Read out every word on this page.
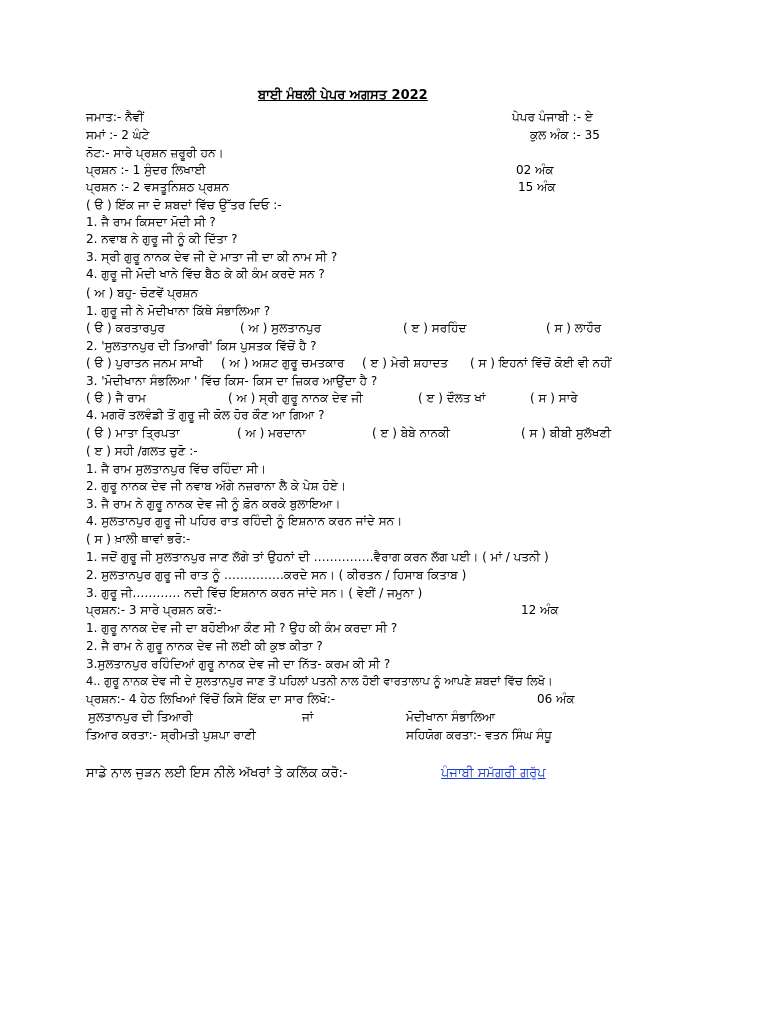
ਬਾਈ ਮੰਥਲੀ ਪੇਪਰ ਅਗਸਤ 2022
ਜਮਾਤ:- ਨੈਵੀਂ	ਪੇਪਰ ਪੰਜਾਬੀ :- ਏ
ਸਮਾਂ :- 2 ਘੰਟੇ	ਕੁਲ ਅੰਕ :- 35
ਨੋਟ:- ਸਾਰੇ ਪ੍ਰਸ਼ਨ ਜ਼ਰੂਰੀ ਹਨ।
ਪ੍ਰਸ਼ਨ :- 1 ਸੁੰਦਰ ਲਿਖਾਈ	02 ਅੰਕ
ਪ੍ਰਸ਼ਨ :- 2 ਵਸਤੂਨਿਸ਼ਠ ਪ੍ਰਸ਼ਨ	15 ਅੰਕ
( ੳ ) ਇੱਕ ਜਾ ਦੋ ਸ਼ਬਦਾਂ ਵਿੱਚ ਉੱਤਰ ਦਿਓ :-
1. ਜੈ ਰਾਮ ਕਿਸਦਾ ਮੋਦੀ ਸੀ ?
2. ਨਵਾਬ ਨੇ ਗੁਰੂ ਜੀ ਨੂੰ ਕੀ ਦਿੱਤਾ ?
3. ਸ੍ਰੀ ਗੁਰੂ ਨਾਨਕ ਦੇਵ ਜੀ ਦੇ ਮਾਤਾ ਜੀ ਦਾ ਕੀ ਨਾਮ ਸੀ ?
4. ਗੁਰੂ ਜੀ ਮੋਦੀ ਖਾਨੇ ਵਿੱਚ ਬੈਠ ਕੇ ਕੀ ਕੰਮ ਕਰਦੇ ਸਨ ?
( ਅ ) ਬਹੁ- ਚੋਣਵੇਂ ਪ੍ਰਸ਼ਨ
1. ਗੁਰੂ ਜੀ ਨੇ ਮੋਦੀਖਾਨਾ ਕਿੱਥੇ ਸੰਭਾਲਿਆ ?
( ੳ ) ਕਰਤਾਰਪੁਰ	( ਅ ) ਸੁਲਤਾਨਪੁਰ	( ੲ ) ਸਰਹਿੰਦ	( ਸ ) ਲਾਹੌਰ
2. 'ਸੁਲਤਾਨਪੁਰ ਦੀ ਤਿਆਰੀ' ਕਿਸ ਪੁਸਤਕ ਵਿੱਚੋਂ ਹੈ ?
( ੳ ) ਪੁਰਾਤਨ ਜਨਮ ਸਾਖੀ ( ਅ ) ਅਸ਼ਟ ਗੁਰੂ ਚਮਤਕਾਰ ( ੲ ) ਮੇਰੀ ਸ਼ਹਾਦਤ ( ਸ ) ਇਹਨਾਂ ਵਿੱਚੋਂ ਕੋਈ ਵੀ ਨਹੀਂ
3. 'ਮੋਦੀਖਾਨਾ ਸੰਭਲਿਆ ' ਵਿੱਚ ਕਿਸ- ਕਿਸ ਦਾ ਜ਼ਿਕਰ ਆਉਂਦਾ ਹੈ ?
( ੳ ) ਜੈ ਰਾਮ	( ਅ ) ਸ੍ਰੀ ਗੁਰੂ ਨਾਨਕ ਦੇਵ ਜੀ	( ੲ ) ਦੌਲਤ ਖਾਂ	( ਸ ) ਸਾਰੇ
4. ਮਗਰੋਂ ਤਲਵੰਡੀ ਤੋਂ ਗੁਰੂ ਜੀ ਕੋਲ ਹੋਰ ਕੌਣ ਆ ਗਿਆ ?
( ੳ ) ਮਾਤਾ ਤ੍ਰਿਪਤਾ	( ਅ ) ਮਰਦਾਨਾ	( ੲ ) ਬੇਬੇ ਨਾਨਕੀ	( ਸ ) ਬੀਬੀ ਸੁਲੱਖਣੀ
( ੲ ) ਸਹੀ /ਗਲਤ ਚੁਣੋ :-
1. ਜੈ ਰਾਮ ਸੁਲਤਾਨਪੁਰ ਵਿੱਚ ਰਹਿੰਦਾ ਸੀ।
2. ਗੁਰੂ ਨਾਨਕ ਦੇਵ ਜੀ ਨਵਾਬ ਅੱਗੇ ਨਜ਼ਰਾਨਾ ਲੈ ਕੇ ਪੇਸ਼ ਹੋਏ।
3. ਜੈ ਰਾਮ ਨੇ ਗੁਰੂ ਨਾਨਕ ਦੇਵ ਜੀ ਨੂੰ ਫ਼ੋਨ ਕਰਕੇ ਬੁਲਾਇਆ।
4. ਸੁਲਤਾਨਪੁਰ ਗੁਰੂ ਜੀ ਪਹਿਰ ਰਾਤ ਰਹਿੰਦੀ ਨੂੰ ਇਸ਼ਨਾਨ ਕਰਨ ਜਾਂਦੇ ਸਨ।
( ਸ ) ਖ਼ਾਲੀ ਥਾਵਾਂ ਭਰੋ:-
1. ਜਦੋਂ ਗੁਰੂ ਜੀ ਸੁਲਤਾਨਪੁਰ ਜਾਣ ਲੱਗੇ ਤਾਂ ਉਹਨਾਂ ਦੀ ……………ਵੈਰਾਗ ਕਰਨ ਲੱਗ ਪਈ। ( ਮਾਂ / ਪਤਨੀ )
2. ਸੁਲਤਾਨਪੁਰ ਗੁਰੂ ਜੀ ਰਾਤ ਨੂੰ ……………ਕਰਦੇ ਸਨ। ( ਕੀਰਤਨ / ਹਿਸਾਬ ਕਿਤਾਬ )
3. ਗੁਰੂ ਜੀ………… ਨਦੀ ਵਿੱਚ ਇਸ਼ਨਾਨ ਕਰਨ ਜਾਂਦੇ ਸਨ। ( ਵੇਈਂ / ਜਮੁਨਾ )
ਪ੍ਰਸ਼ਨ:- 3 ਸਾਰੇ ਪ੍ਰਸ਼ਨ ਕਰੋ:-	12 ਅੰਕ
1. ਗੁਰੂ ਨਾਨਕ ਦੇਵ ਜੀ ਦਾ ਬਹੋਈਆ ਕੌਣ ਸੀ ? ਉਹ ਕੀ ਕੰਮ ਕਰਦਾ ਸੀ ?
2. ਜੈ ਰਾਮ ਨੇ ਗੁਰੂ ਨਾਨਕ ਦੇਵ ਜੀ ਲਈ ਕੀ ਕੁਝ ਕੀਤਾ ?
3.ਸੁਲਤਾਨਪੁਰ ਰਹਿੰਦਿਆਂ ਗੁਰੂ ਨਾਨਕ ਦੇਵ ਜੀ ਦਾ ਨਿੱਤ- ਕਰਮ ਕੀ ਸੀ ?
4.. ਗੁਰੂ ਨਾਨਕ ਦੇਵ ਜੀ ਦੇ ਸੁਲਤਾਨਪੁਰ ਜਾਣ ਤੋਂ ਪਹਿਲਾਂ ਪਤਨੀ ਨਾਲ ਹੋਈ ਵਾਰਤਾਲਾਪ ਨੂੰ ਆਪਣੇ ਸ਼ਬਦਾਂ ਵਿੱਚ ਲਿਖੋ।
ਪ੍ਰਸ਼ਨ:- 4 ਹੇਠ ਲਿਖਿਆਂ ਵਿੱਚੋਂ ਕਿਸੇ ਇੱਕ ਦਾ ਸਾਰ ਲਿਖੋ:-	06 ਅੰਕ
ਸੁਲਤਾਨਪੁਰ ਦੀ ਤਿਆਰੀ	ਜਾਂ	ਮੋਦੀਖਾਨਾ ਸੰਭਾਲਿਆ
ਤਿਆਰ ਕਰਤਾ:- ਸ਼੍ਰੀਮਤੀ ਪੁਸ਼ਪਾ ਰਾਣੀ	ਸਹਿਯੋਗ ਕਰਤਾ:- ਵਤਨ ਸਿੰਘ ਸੰਧੂ
ਸਾਡੇ ਨਾਲ ਜੁੜਨ ਲਈ ਇਸ ਨੀਲੇ ਅੱਖਰਾਂ ਤੇ ਕਲਿੱਕ ਕਰੋ:-	ਪੰਜਾਬੀ ਸਮੱਗਰੀ ਗਰੁੱਪ
